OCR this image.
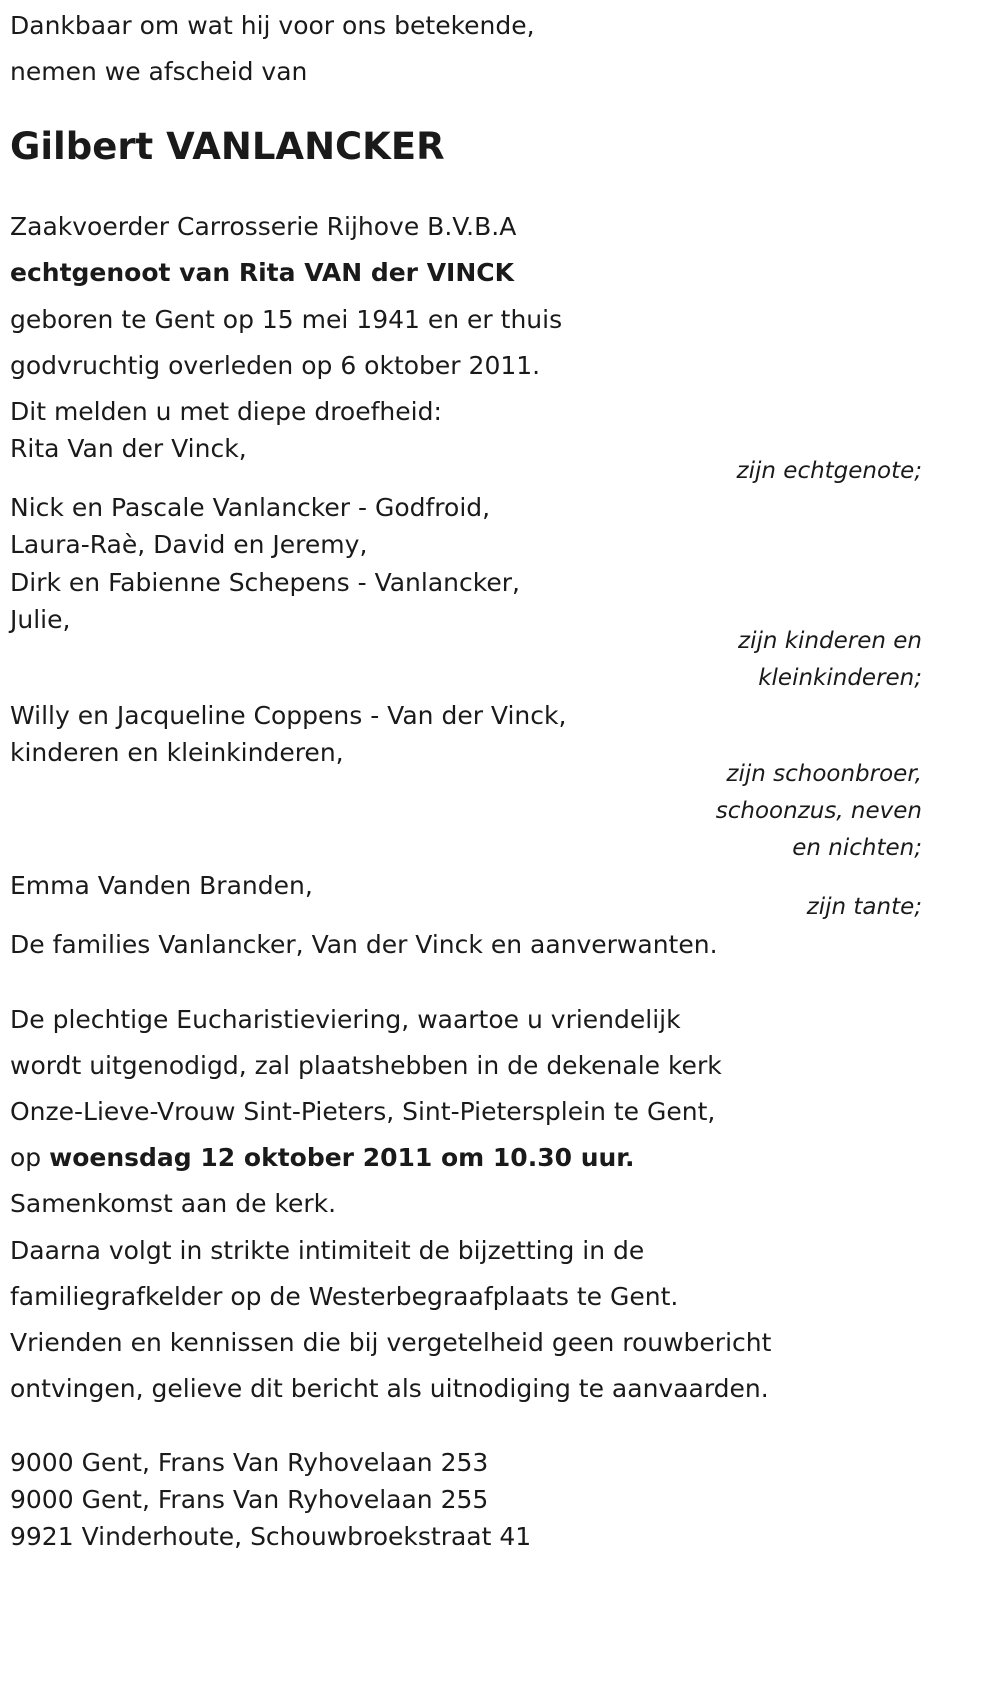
Dankbaar om wat hij voor ons betekende,
nemen we afscheid van
Gilbert VANLANCKER
Zaakvoerder Carrosserie Rijhove B.V.B.A
echtgenoot van Rita VAN der VINCK
geboren te Gent op 15 mei 1941 en er thuis
godvruchtig overleden op 6 oktober 2011.
Dit melden u met diepe droefheid:
Rita Van der Vinck,
zijn echtgenote;
Nick en Pascale Vanlancker - Godfroid,
Laura-Raè, David en Jeremy,
Dirk en Fabienne Schepens - Vanlancker,
Julie,
zijn kinderen en
kleinkinderen;
Willy en Jacqueline Coppens - Van der Vinck,
kinderen en kleinkinderen,
zijn schoonbroer,
schoonzus, neven
en nichten;
Emma Vanden Branden,
zijn tante;
De families Vanlancker, Van der Vinck en aanverwanten.
De plechtige Eucharistieviering, waartoe u vriendelijk
wordt uitgenodigd, zal plaatshebben in de dekenale kerk
Onze-Lieve-Vrouw Sint-Pieters, Sint-Pietersplein te Gent,
op woensdag 12 oktober 2011 om 10.30 uur.
Samenkomst aan de kerk.
Daarna volgt in strikte intimiteit de bijzetting in de
familiegrafkelder op de Westerbegraafplaats te Gent.
Vrienden en kennissen die bij vergetelheid geen rouwbericht
ontvingen, gelieve dit bericht als uitnodiging te aanvaarden.
9000 Gent, Frans Van Ryhovelaan 253
9000 Gent, Frans Van Ryhovelaan 255
9921 Vinderhoute, Schouwbroekstraat 41
